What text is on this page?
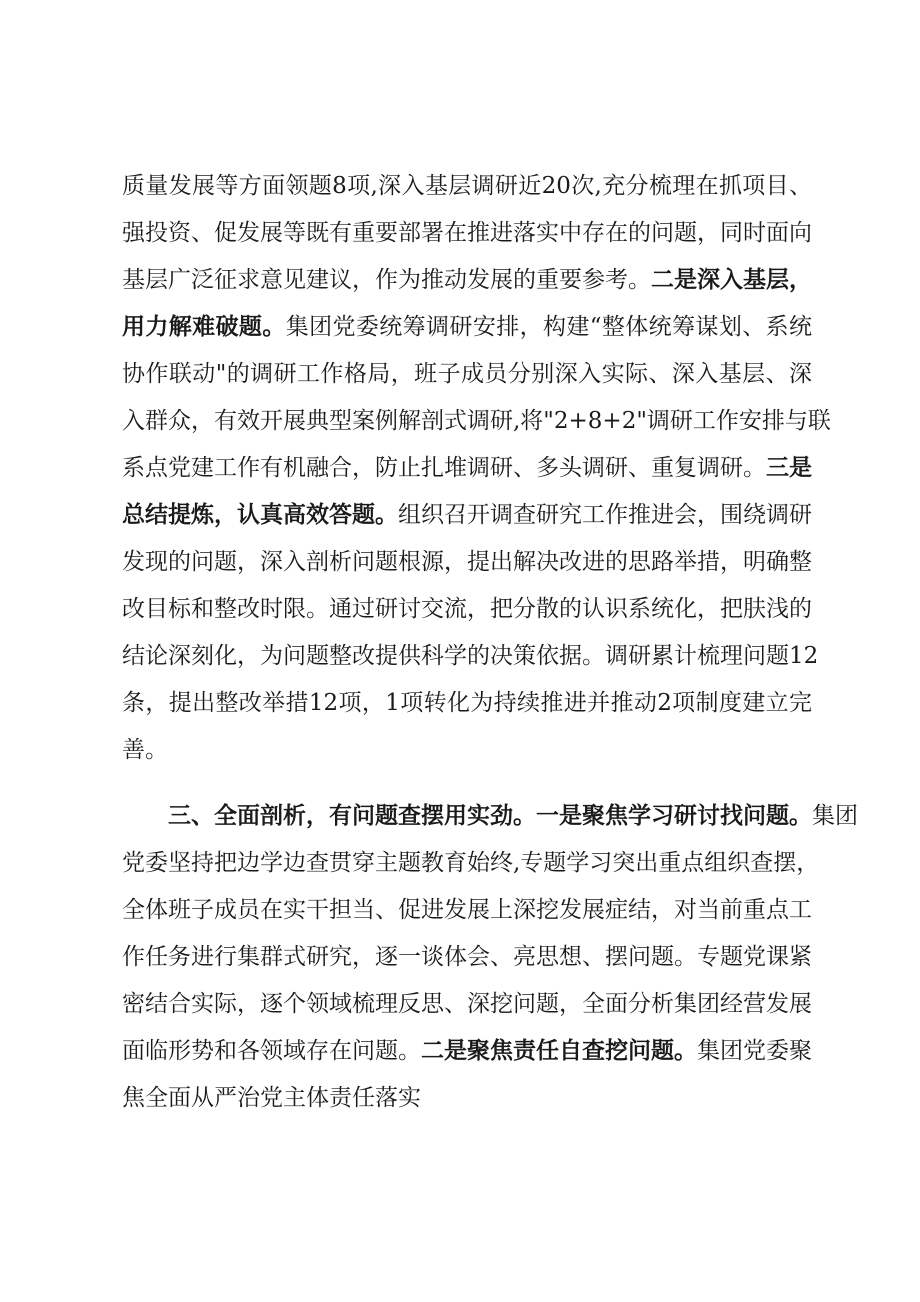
质量发展等方面领题8项,深入基层调研近20次,充分梳理在抓项目、
强投资、促发展等既有重要部署在推进落实中存在的问题，同时面向
基层广泛征求意见建议，作为推动发展的重要参考。二是深入基层，
用力解难破题。集团党委统筹调研安排，构建“整体统筹谋划、系统
协作联动"的调研工作格局，班子成员分别深入实际、深入基层、深
入群众，有效开展典型案例解剖式调研,将"2+8+2"调研工作安排与联
系点党建工作有机融合，防止扎堆调研、多头调研、重复调研。三是
总结提炼，认真高效答题。组织召开调查研究工作推进会，围绕调研
发现的问题，深入剖析问题根源，提出解决改进的思路举措，明确整
改目标和整改时限。通过研讨交流，把分散的认识系统化，把肤浅的
结论深刻化，为问题整改提供科学的决策依据。调研累计梳理问题12
条，提出整改举措12项，1项转化为持续推进并推动2项制度建立完
善。
三、全面剖析，有问题查摆用实劲。一是聚焦学习研讨找问题。集团
党委坚持把边学边查贯穿主题教育始终,专题学习突出重点组织查摆，
全体班子成员在实干担当、促进发展上深挖发展症结，对当前重点工
作任务进行集群式研究，逐一谈体会、亮思想、摆问题。专题党课紧
密结合实际，逐个领域梳理反思、深挖问题，全面分析集团经营发展
面临形势和各领域存在问题。二是聚焦责任自查挖问题。集团党委聚
焦全面从严治党主体责任落实
